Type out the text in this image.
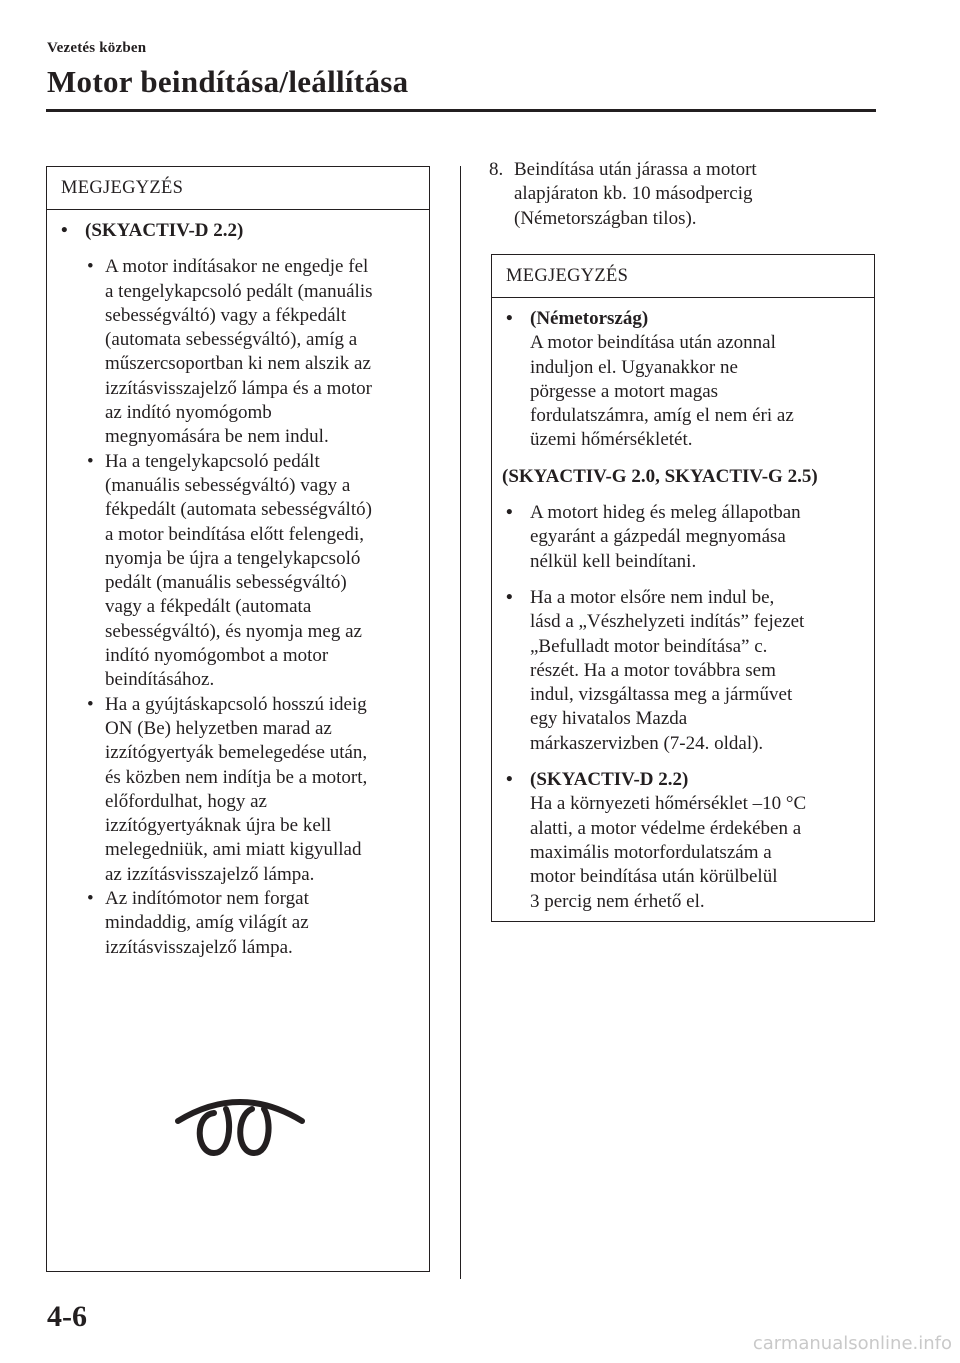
Vezetés közben
Motor beindítása/leállítása
MEGJEGYZÉS
• (SKYACTIV-D 2.2)
• A motor indításakor ne engedje fel
a tengelykapcsoló pedált (manuális
sebességváltó) vagy a fékpedált
(automata sebességváltó), amíg a
műszercsoportban ki nem alszik az
izzításvisszajelző lámpa és a motor
az indító nyomógomb
megnyomására be nem indul.
• Ha a tengelykapcsoló pedált
(manuális sebességváltó) vagy a
fékpedált (automata sebességváltó)
a motor beindítása előtt felengedi,
nyomja be újra a tengelykapcsoló
pedált (manuális sebességváltó)
vagy a fékpedált (automata
sebességváltó), és nyomja meg az
indító nyomógombot a motor
beindításához.
• Ha a gyújtáskapcsoló hosszú ideig
ON (Be) helyzetben marad az
izzítógyertyák bemelegedése után,
és közben nem indítja be a motort,
előfordulhat, hogy az
izzítógyertyáknak újra be kell
melegedniük, ami miatt kigyullad
az izzításvisszajelző lámpa.
• Az indítómotor nem forgat
mindaddig, amíg világít az
izzításvisszajelző lámpa.
8. Beindítása után járassa a motort
alapjáraton kb. 10 másodpercig
(Németországban tilos).
MEGJEGYZÉS
• (Németország)
A motor beindítása után azonnal
induljon el. Ugyanakkor ne
pörgesse a motort magas
fordulatszámra, amíg el nem éri az
üzemi hőmérsékletét.
(SKYACTIV-G 2.0, SKYACTIV-G 2.5)
• A motort hideg és meleg állapotban
egyaránt a gázpedál megnyomása
nélkül kell beindítani.
• Ha a motor elsőre nem indul be,
lásd a „Vészhelyzeti indítás” fejezet
„Befulladt motor beindítása” c.
részét. Ha a motor továbbra sem
indul, vizsgáltassa meg a járművet
egy hivatalos Mazda
márkaszervizben (7-24. oldal).
• (SKYACTIV-D 2.2)
Ha a környezeti hőmérséklet –10 °C
alatti, a motor védelme érdekében a
maximális motorfordulatszám a
motor beindítása után körülbelül
3 percig nem érhető el.
4-6
carmanualsonline.info
